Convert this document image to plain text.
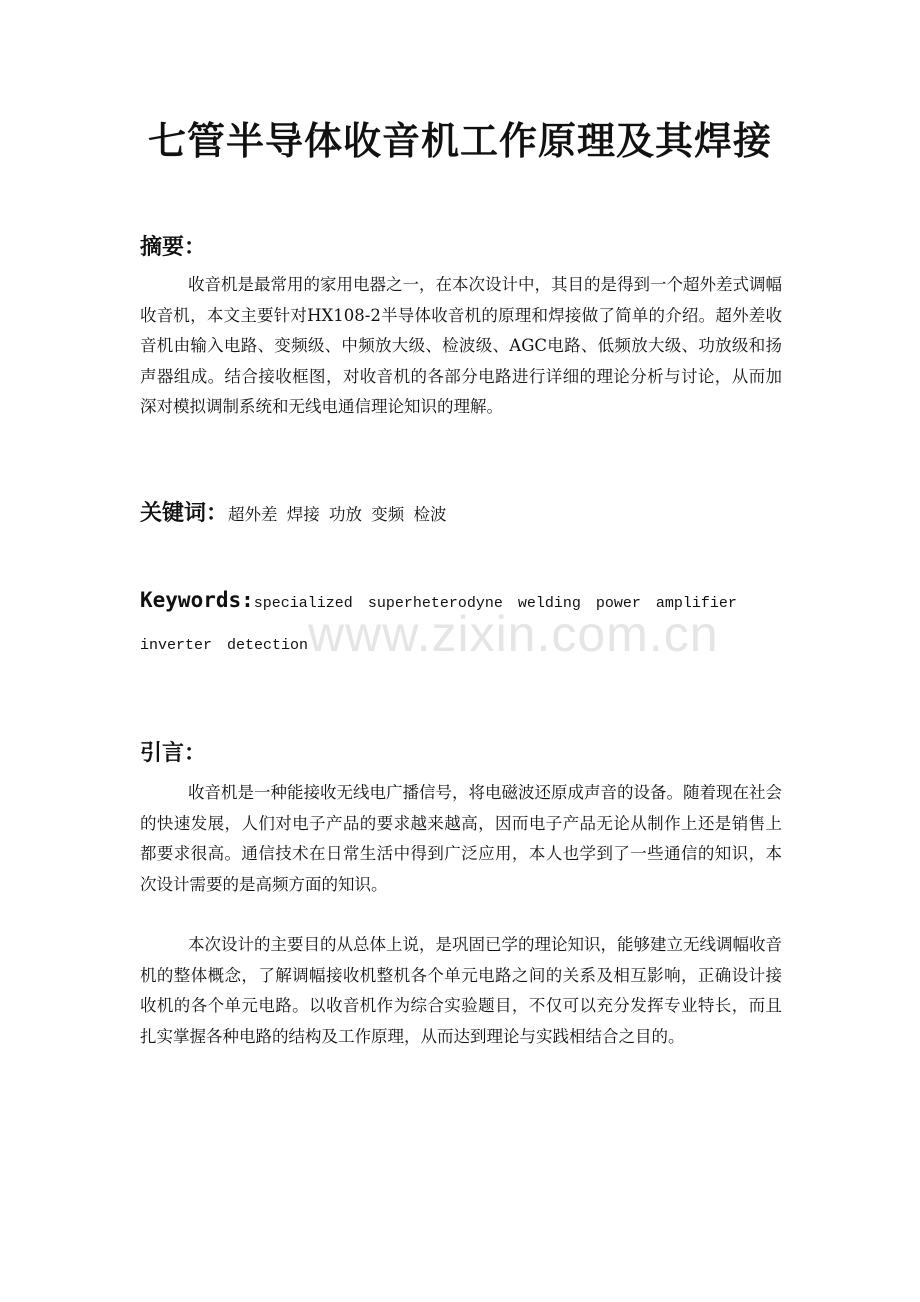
七管半导体收音机工作原理及其焊接
摘要：

收音机是最常用的家用电器之一，在本次设计中，其目的是得到一个超外差式调幅收音机，本文主要针对HX108-2半导体收音机的原理和焊接做了简单的介绍。超外差收音机由输入电路、变频级、中频放大级、检波级、AGC电路、低频放大级、功放级和扬声器组成。结合接收框图，对收音机的各部分电路进行详细的理论分析与讨论，从而加深对模拟调制系统和无线电通信理论知识的理解。

关键词：超外差 焊接 功放 变频 检波

Keywords:specialized superheterodyne welding power amplifier inverter detection

引言：

收音机是一种能接收无线电广播信号，将电磁波还原成声音的设备。随着现在社会的快速发展，人们对电子产品的要求越来越高，因而电子产品无论从制作上还是销售上都要求很高。通信技术在日常生活中得到广泛应用，本人也学到了一些通信的知识，本次设计需要的是高频方面的知识。

本次设计的主要目的从总体上说，是巩固已学的理论知识，能够建立无线调幅收音机的整体概念，了解调幅接收机整机各个单元电路之间的关系及相互影响，正确设计接收机的各个单元电路。以收音机作为综合实验题目，不仅可以充分发挥专业特长，而且扎实掌握各种电路的结构及工作原理，从而达到理论与实践相结合之目的。

www.zixin.com.cn
